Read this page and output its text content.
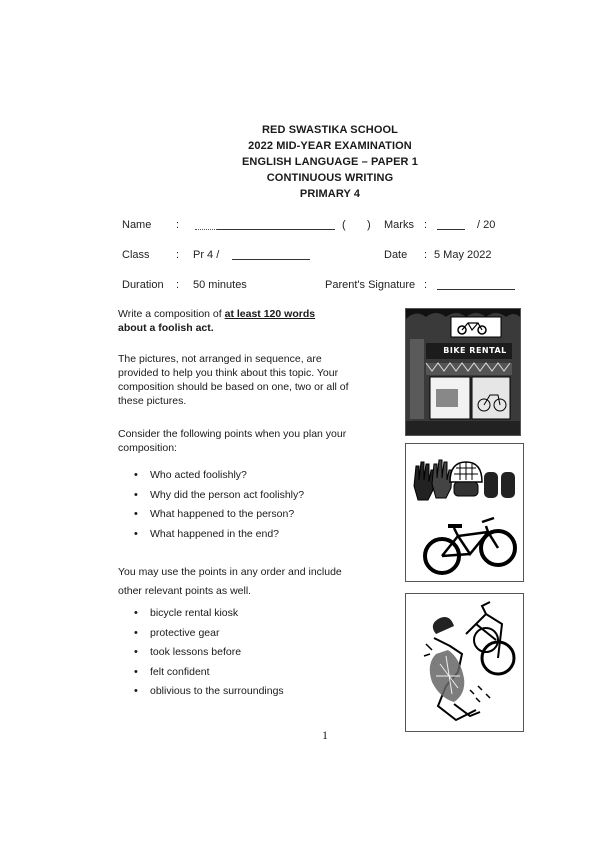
RED SWASTIKA SCHOOL
2022 MID-YEAR EXAMINATION
ENGLISH LANGUAGE – PAPER 1
CONTINUOUS WRITING
PRIMARY 4
Name :	( ) Marks :	/ 20
Class : Pr 4 /	Date : 5 May 2022
Duration : 50 minutes	Parent's Signature :
Write a composition of at least 120 words
about a foolish act.
The pictures, not arranged in sequence, are provided to help you think about this topic. Your composition should be based on one, two or all of these pictures.
Consider the following points when you plan your composition:
• Who acted foolishly?
• Why did the person act foolishly?
• What happened to the person?
• What happened in the end?
You may use the points in any order and include other relevant points as well.
• bicycle rental kiosk
• protective gear
• took lessons before
• felt confident
• oblivious to the surroundings
BIKE RENTAL
1
